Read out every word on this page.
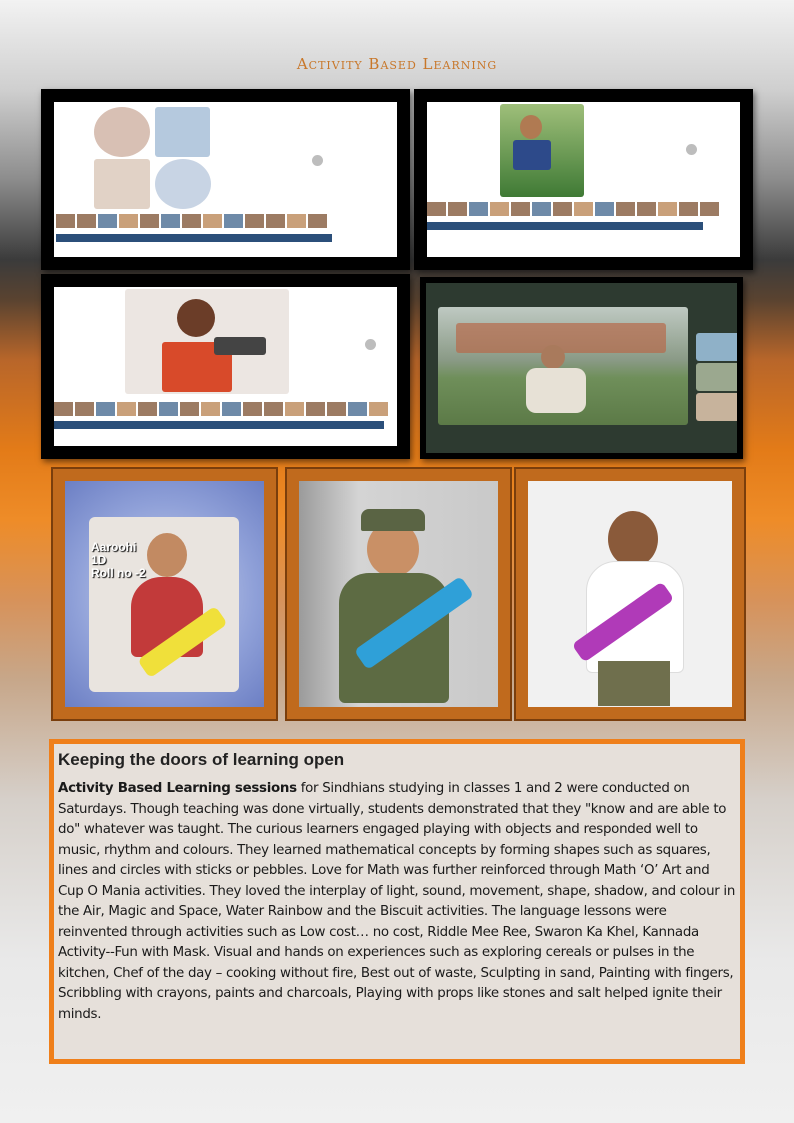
Activity Based Learning
Aaroohi
1D
Roll no -2
Keeping the doors of learning open

Activity Based Learning sessions for Sindhians studying in classes 1 and 2 were conducted on Saturdays. Though teaching was done virtually, students demonstrated that they "know and are able to do" whatever was taught. The curious learners engaged playing with objects and responded well to music, rhythm and colours. They learned mathematical concepts by forming shapes such as squares, lines and circles with sticks or pebbles. Love for Math was further reinforced through Math ‘O’ Art and Cup O Mania activities. They loved the interplay of light, sound, movement, shape, shadow, and colour in the Air, Magic and Space, Water Rainbow and the Biscuit activities. The language lessons were reinvented through activities such as Low cost… no cost, Riddle Mee Ree, Swaron Ka Khel, Kannada Activity--Fun with Mask. Visual and hands on experiences such as exploring cereals or pulses in the kitchen, Chef of the day – cooking without fire, Best out of waste, Sculpting in sand, Painting with fingers, Scribbling with crayons, paints and charcoals, Playing with props like stones and salt helped ignite their minds.
